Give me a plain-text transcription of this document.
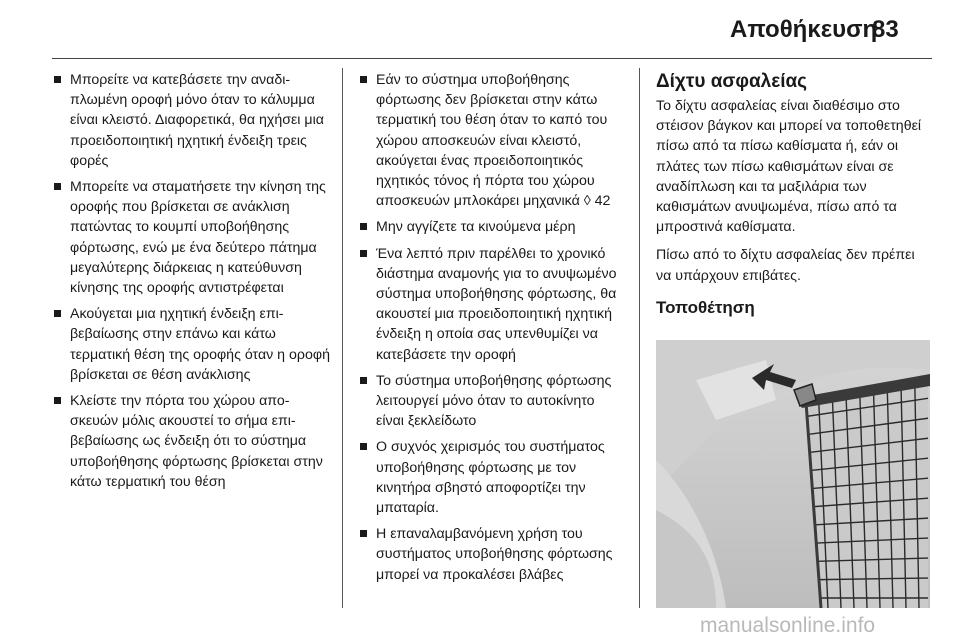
Αποθήκευση
83
Μπορείτε να κατεβάσετε την αναδιπλωμένη οροφή μόνο όταν το κάλυμμα είναι κλειστό. Διαφορετικά, θα ηχήσει μια προειδοποιητική ηχητική ένδειξη τρεις φορές
Μπορείτε να σταματήσετε την κίνηση της οροφής που βρίσκεται σε ανάκλιση πατώντας το κουμπί υποβοήθησης φόρτωσης, ενώ με ένα δεύτερο πάτημα μεγαλύτερης διάρκειας η κατεύθυνση κίνησης της οροφής αντιστρέφεται
Ακούγεται μια ηχητική ένδειξη επιβεβαίωσης στην επάνω και κάτω τερματική θέση της οροφής όταν η οροφή βρίσκεται σε θέση ανάκλισης
Κλείστε την πόρτα του χώρου αποσκευών μόλις ακουστεί το σήμα επιβεβαίωσης ως ένδειξη ότι το σύστημα υποβοήθησης φόρτωσης βρίσκεται στην κάτω τερματική του θέση
Εάν το σύστημα υποβοήθησης φόρτωσης δεν βρίσκεται στην κάτω τερματική του θέση όταν το καπό του χώρου αποσκευών είναι κλειστό, ακούγεται ένας προειδοποιητικός ηχητικός τόνος ή πόρτα του χώρου αποσκευών μπλοκάρει μηχανικά ◊ 42
Μην αγγίζετε τα κινούμενα μέρη
Ένα λεπτό πριν παρέλθει το χρονικό διάστημα αναμονής για το ανυψωμένο σύστημα υποβοήθησης φόρτωσης, θα ακουστεί μια προειδοποιητική ηχητική ένδειξη η οποία σας υπενθυμίζει να κατεβάσετε την οροφή
Το σύστημα υποβοήθησης φόρτωσης λειτουργεί μόνο όταν το αυτοκίνητο είναι ξεκλείδωτο
Ο συχνός χειρισμός του συστήματος υποβοήθησης φόρτωσης με τον κινητήρα σβηστό αποφορτίζει την μπαταρία.
Η επαναλαμβανόμενη χρήση του συστήματος υποβοήθησης φόρτωσης μπορεί να προκαλέσει βλάβες
Δίχτυ ασφαλείας

Το δίχτυ ασφαλείας είναι διαθέσιμο στο στέισον βάγκον και μπορεί να τοποθετηθεί πίσω από τα πίσω καθίσματα ή, εάν οι πλάτες των πίσω καθισμάτων είναι σε αναδίπλωση και τα μαξιλάρια των καθισμάτων ανυψωμένα, πίσω από τα μπροστινά καθίσματα.

Πίσω από το δίχτυ ασφαλείας δεν πρέπει να υπάρχουν επιβάτες.

Τοποθέτηση
manualsonline.info
